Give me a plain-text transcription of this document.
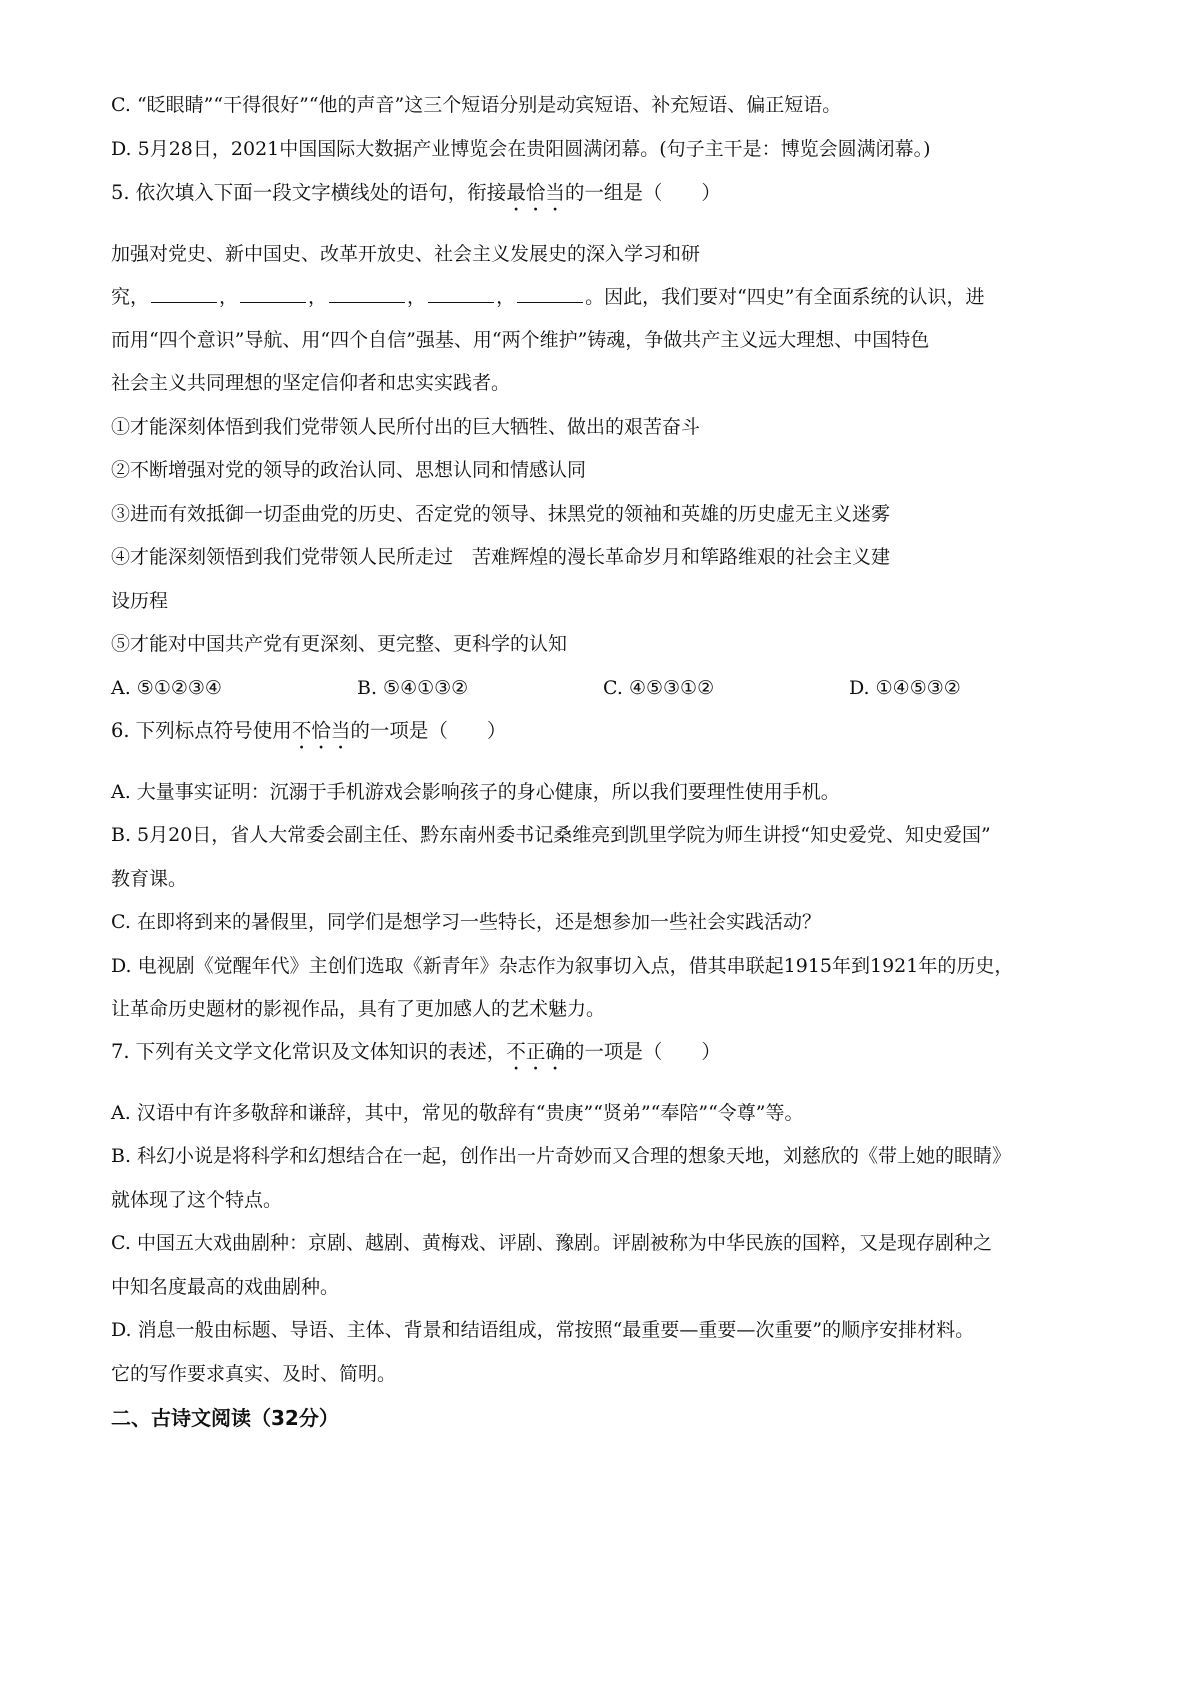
C. “眨眼睛”“干得很好”“他的声音”这三个短语分别是动宾短语、补充短语、偏正短语。
D. 5月28日，2021中国国际大数据产业博览会在贵阳圆满闭幕。(句子主干是：博览会圆满闭幕。)
5. 依次填入下面一段文字横线处的语句，衔接最恰当的一组是（　　）
加强对党史、新中国史、改革开放史、社会主义发展史的深入学习和研
究，	，	，	，	，	。因此，我们要对“四史”有全面系统的认识，进
而用“四个意识”导航、用“四个自信”强基、用“两个维护”铸魂，争做共产主义远大理想、中国特色
社会主义共同理想的坚定信仰者和忠实实践者。
①才能深刻体悟到我们党带领人民所付出的巨大牺牲、做出的艰苦奋斗
②不断增强对党的领导的政治认同、思想认同和情感认同
③进而有效抵御一切歪曲党的历史、否定党的领导、抹黑党的领袖和英雄的历史虚无主义迷雾
④才能深刻领悟到我们党带领人民所走过　苦难辉煌的漫长革命岁月和筚路维艰的社会主义建
设历程
⑤才能对中国共产党有更深刻、更完整、更科学的认知
A. ⑤①②③④	B. ⑤④①③②	C. ④⑤③①②	D. ①④⑤③②
6. 下列标点符号使用不恰当的一项是（　　）
A. 大量事实证明：沉溺于手机游戏会影响孩子的身心健康，所以我们要理性使用手机。
B. 5月20日，省人大常委会副主任、黔东南州委书记桑维亮到凯里学院为师生讲授“知史爱党、知史爱国”
教育课。
C. 在即将到来的暑假里，同学们是想学习一些特长，还是想参加一些社会实践活动？
D. 电视剧《觉醒年代》主创们选取《新青年》杂志作为叙事切入点，借其串联起1915年到1921年的历史，
让革命历史题材的影视作品，具有了更加感人的艺术魅力。
7. 下列有关文学文化常识及文体知识的表述，不正确的一项是（　　）
A. 汉语中有许多敬辞和谦辞，其中，常见的敬辞有“贵庚”“贤弟”“奉陪”“令尊”等。
B. 科幻小说是将科学和幻想结合在一起，创作出一片奇妙而又合理的想象天地，刘慈欣的《带上她的眼睛》
就体现了这个特点。
C. 中国五大戏曲剧种：京剧、越剧、黄梅戏、评剧、豫剧。评剧被称为中华民族的国粹，又是现存剧种之
中知名度最高的戏曲剧种。
D. 消息一般由标题、导语、主体、背景和结语组成，常按照“最重要—重要—次重要”的顺序安排材料。
它的写作要求真实、及时、简明。
二、古诗文阅读（32分）
